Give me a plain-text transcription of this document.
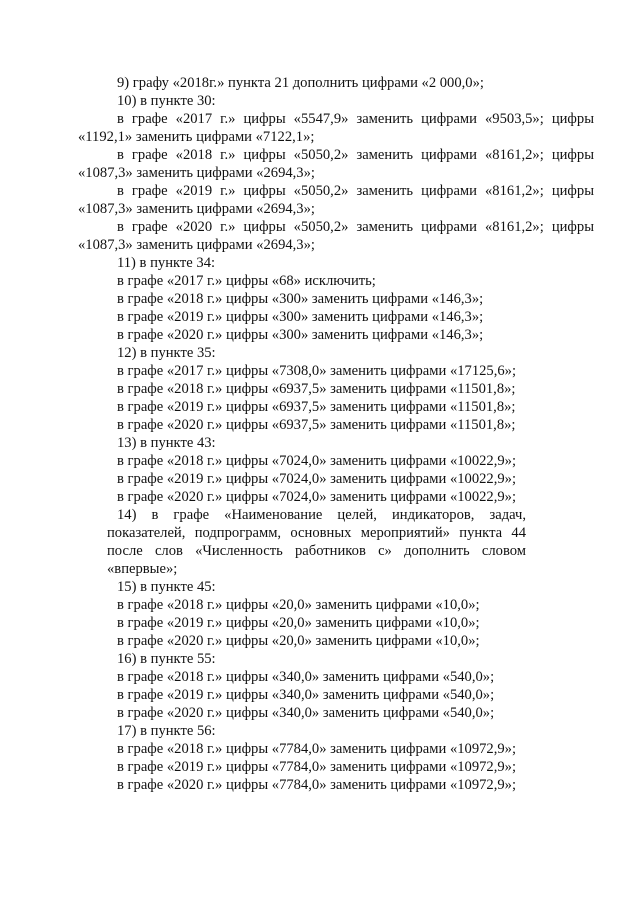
9) графу «2018г.» пункта 21 дополнить цифрами «2 000,0»;
10) в пункте 30:
в графе «2017 г.» цифры «5547,9» заменить цифрами «9503,5»; цифры
«1192,1» заменить цифрами «7122,1»;
в графе «2018 г.» цифры «5050,2» заменить цифрами «8161,2»; цифры
«1087,3» заменить цифрами «2694,3»;
в графе «2019 г.» цифры «5050,2» заменить цифрами «8161,2»; цифры
«1087,3» заменить цифрами «2694,3»;
в графе «2020 г.» цифры «5050,2» заменить цифрами «8161,2»; цифры
«1087,3» заменить цифрами «2694,3»;
11) в пункте 34:
в графе «2017 г.» цифры «68» исключить;
в графе «2018 г.» цифры «300» заменить цифрами «146,3»;
в графе «2019 г.» цифры «300» заменить цифрами «146,3»;
в графе «2020 г.» цифры «300» заменить цифрами «146,3»;
12) в пункте 35:
в графе «2017 г.» цифры «7308,0» заменить цифрами «17125,6»;
в графе «2018 г.» цифры «6937,5» заменить цифрами «11501,8»;
в графе «2019 г.» цифры «6937,5» заменить цифрами «11501,8»;
в графе «2020 г.» цифры «6937,5» заменить цифрами «11501,8»;
13) в пункте 43:
в графе «2018 г.» цифры «7024,0» заменить цифрами «10022,9»;
в графе «2019 г.» цифры «7024,0» заменить цифрами «10022,9»;
в графе «2020 г.» цифры «7024,0» заменить цифрами «10022,9»;
14) в графе «Наименование целей, индикаторов, задач,
показателей, подпрограмм, основных мероприятий» пункта 44
после слов «Численность работников с» дополнить словом
«впервые»;
15) в пункте 45:
в графе «2018 г.» цифры «20,0» заменить цифрами «10,0»;
в графе «2019 г.» цифры «20,0» заменить цифрами «10,0»;
в графе «2020 г.» цифры «20,0» заменить цифрами «10,0»;
16) в пункте 55:
в графе «2018 г.» цифры «340,0» заменить цифрами «540,0»;
в графе «2019 г.» цифры «340,0» заменить цифрами «540,0»;
в графе «2020 г.» цифры «340,0» заменить цифрами «540,0»;
17) в пункте 56:
в графе «2018 г.» цифры «7784,0» заменить цифрами «10972,9»;
в графе «2019 г.» цифры «7784,0» заменить цифрами «10972,9»;
в графе «2020 г.» цифры «7784,0» заменить цифрами «10972,9»;
